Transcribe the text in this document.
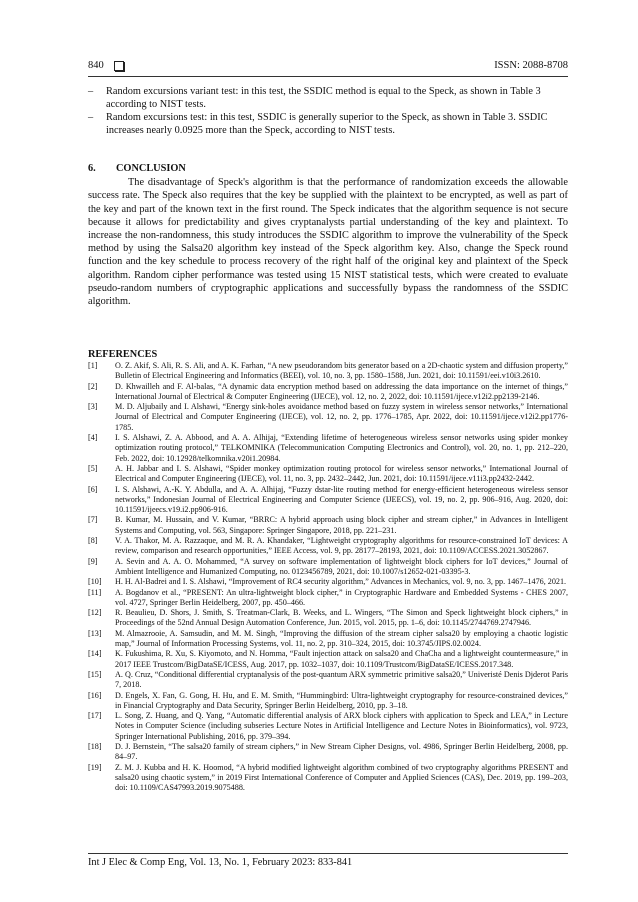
840	ISSN: 2088-8708
– Random excursions variant test: in this test, the SSDIC method is equal to the Speck, as shown in Table 3 according to NIST tests.
– Random excursions test: in this test, SSDIC is generally superior to the Speck, as shown in Table 3. SSDIC increases nearly 0.0925 more than the Speck, according to NIST tests.
6. CONCLUSION

The disadvantage of Speck's algorithm is that the performance of randomization exceeds the allowable success rate. The Speck also requires that the key be supplied with the plaintext to be encrypted, as well as part of the key and part of the known text in the first round. The Speck indicates that the algorithm sequence is not secure because it allows for predictability and gives cryptanalysts partial understanding of the key and plaintext. To increase the non-randomness, this study introduces the SSDIC algorithm to improve the vulnerability of the Speck method by using the Salsa20 algorithm key instead of the Speck algorithm key. Also, change the Speck round function and the key schedule to process recovery of the right half of the original key and plaintext of the Speck algorithm. Random cipher performance was tested using 15 NIST statistical tests, which were created to evaluate pseudo-random numbers of cryptographic applications and successfully bypass the randomness of the SSDIC algorithm.

REFERENCES

[1] O. Z. Akif, S. Ali, R. S. Ali, and A. K. Farhan, “A new pseudorandom bits generator based on a 2D-chaotic system and diffusion property,” Bulletin of Electrical Engineering and Informatics (BEEI), vol. 10, no. 3, pp. 1580–1588, Jun. 2021, doi: 10.11591/eei.v10i3.2610.

[2] D. Khwailleh and F. Al-balas, “A dynamic data encryption method based on addressing the data importance on the internet of things,” International Journal of Electrical & Computer Engineering (IJECE), vol. 12, no. 2, 2022, doi: 10.11591/ijece.v12i2.pp2139-2146.

[3] M. D. Aljubaily and I. Alshawi, “Energy sink-holes avoidance method based on fuzzy system in wireless sensor networks,” International Journal of Electrical and Computer Engineering (IJECE), vol. 12, no. 2, pp. 1776–1785, Apr. 2022, doi: 10.11591/ijece.v12i2.pp1776-1785.

[4] I. S. Alshawi, Z. A. Abbood, and A. A. Alhijaj, “Extending lifetime of heterogeneous wireless sensor networks using spider monkey optimization routing protocol,” TELKOMNIKA (Telecommunication Computing Electronics and Control), vol. 20, no. 1, pp. 212–220, Feb. 2022, doi: 10.12928/telkomnika.v20i1.20984.

[5] A. H. Jabbar and I. S. Alshawi, “Spider monkey optimization routing protocol for wireless sensor networks,” International Journal of Electrical and Computer Engineering (IJECE), vol. 11, no. 3, pp. 2432–2442, Jun. 2021, doi: 10.11591/ijece.v11i3.pp2432-2442.

[6] I. S. Alshawi, A.-K. Y. Abdulla, and A. A. Alhijaj, “Fuzzy dstar-lite routing method for energy-efficient heterogeneous wireless sensor networks,” Indonesian Journal of Electrical Engineering and Computer Science (IJEECS), vol. 19, no. 2, pp. 906–916, Aug. 2020, doi: 10.11591/ijeecs.v19.i2.pp906-916.

[7] B. Kumar, M. Hussain, and V. Kumar, “BRRC: A hybrid approach using block cipher and stream cipher,” in Advances in Intelligent Systems and Computing, vol. 563, Singapore: Springer Singapore, 2018, pp. 221–231.

[8] V. A. Thakor, M. A. Razzaque, and M. R. A. Khandaker, “Lightweight cryptography algorithms for resource-constrained IoT devices: A review, comparison and research opportunities,” IEEE Access, vol. 9, pp. 28177–28193, 2021, doi: 10.1109/ACCESS.2021.3052867.

[9] A. Sevin and A. A. O. Mohammed, “A survey on software implementation of lightweight block ciphers for IoT devices,” Journal of Ambient Intelligence and Humanized Computing, no. 0123456789, 2021, doi: 10.1007/s12652-021-03395-3.

[10] H. H. Al-Badrei and I. S. Alshawi, “Improvement of RC4 security algorithm,” Advances in Mechanics, vol. 9, no. 3, pp. 1467–1476, 2021.

[11] A. Bogdanov et al., “PRESENT: An ultra-lightweight block cipher,” in Cryptographic Hardware and Embedded Systems - CHES 2007, vol. 4727, Springer Berlin Heidelberg, 2007, pp. 450–466.

[12] R. Beaulieu, D. Shors, J. Smith, S. Treatman-Clark, B. Weeks, and L. Wingers, “The Simon and Speck lightweight block ciphers,” in Proceedings of the 52nd Annual Design Automation Conference, Jun. 2015, vol. 2015, pp. 1–6, doi: 10.1145/2744769.2747946.

[13] M. Almazrooie, A. Samsudin, and M. M. Singh, “Improving the diffusion of the stream cipher salsa20 by employing a chaotic logistic map,” Journal of Information Processing Systems, vol. 11, no. 2, pp. 310–324, 2015, doi: 10.3745/JIPS.02.0024.

[14] K. Fukushima, R. Xu, S. Kiyomoto, and N. Homma, “Fault injection attack on salsa20 and ChaCha and a lightweight countermeasure,” in 2017 IEEE Trustcom/BigDataSE/ICESS, Aug. 2017, pp. 1032–1037, doi: 10.1109/Trustcom/BigDataSE/ICESS.2017.348.

[15] A. Q. Cruz, “Conditional differential cryptanalysis of the post-quantum ARX symmetric primitive salsa20,” Univeristé Denis Djderot Paris 7, 2018.

[16] D. Engels, X. Fan, G. Gong, H. Hu, and E. M. Smith, “Hummingbird: Ultra-lightweight cryptography for resource-constrained devices,” in Financial Cryptography and Data Security, Springer Berlin Heidelberg, 2010, pp. 3–18.

[17] L. Song, Z. Huang, and Q. Yang, “Automatic differential analysis of ARX block ciphers with application to Speck and LEA,” in Lecture Notes in Computer Science (including subseries Lecture Notes in Artificial Intelligence and Lecture Notes in Bioinformatics), vol. 9723, Springer International Publishing, 2016, pp. 379–394.

[18] D. J. Bernstein, “The salsa20 family of stream ciphers,” in New Stream Cipher Designs, vol. 4986, Springer Berlin Heidelberg, 2008, pp. 84–97.

[19] Z. M. J. Kubba and H. K. Hoomod, “A hybrid modified lightweight algorithm combined of two cryptography algorithms PRESENT and salsa20 using chaotic system,” in 2019 First International Conference of Computer and Applied Sciences (CAS), Dec. 2019, pp. 199–203, doi: 10.1109/CAS47993.2019.9075488.

Int J Elec & Comp Eng, Vol. 13, No. 1, February 2023: 833-841
